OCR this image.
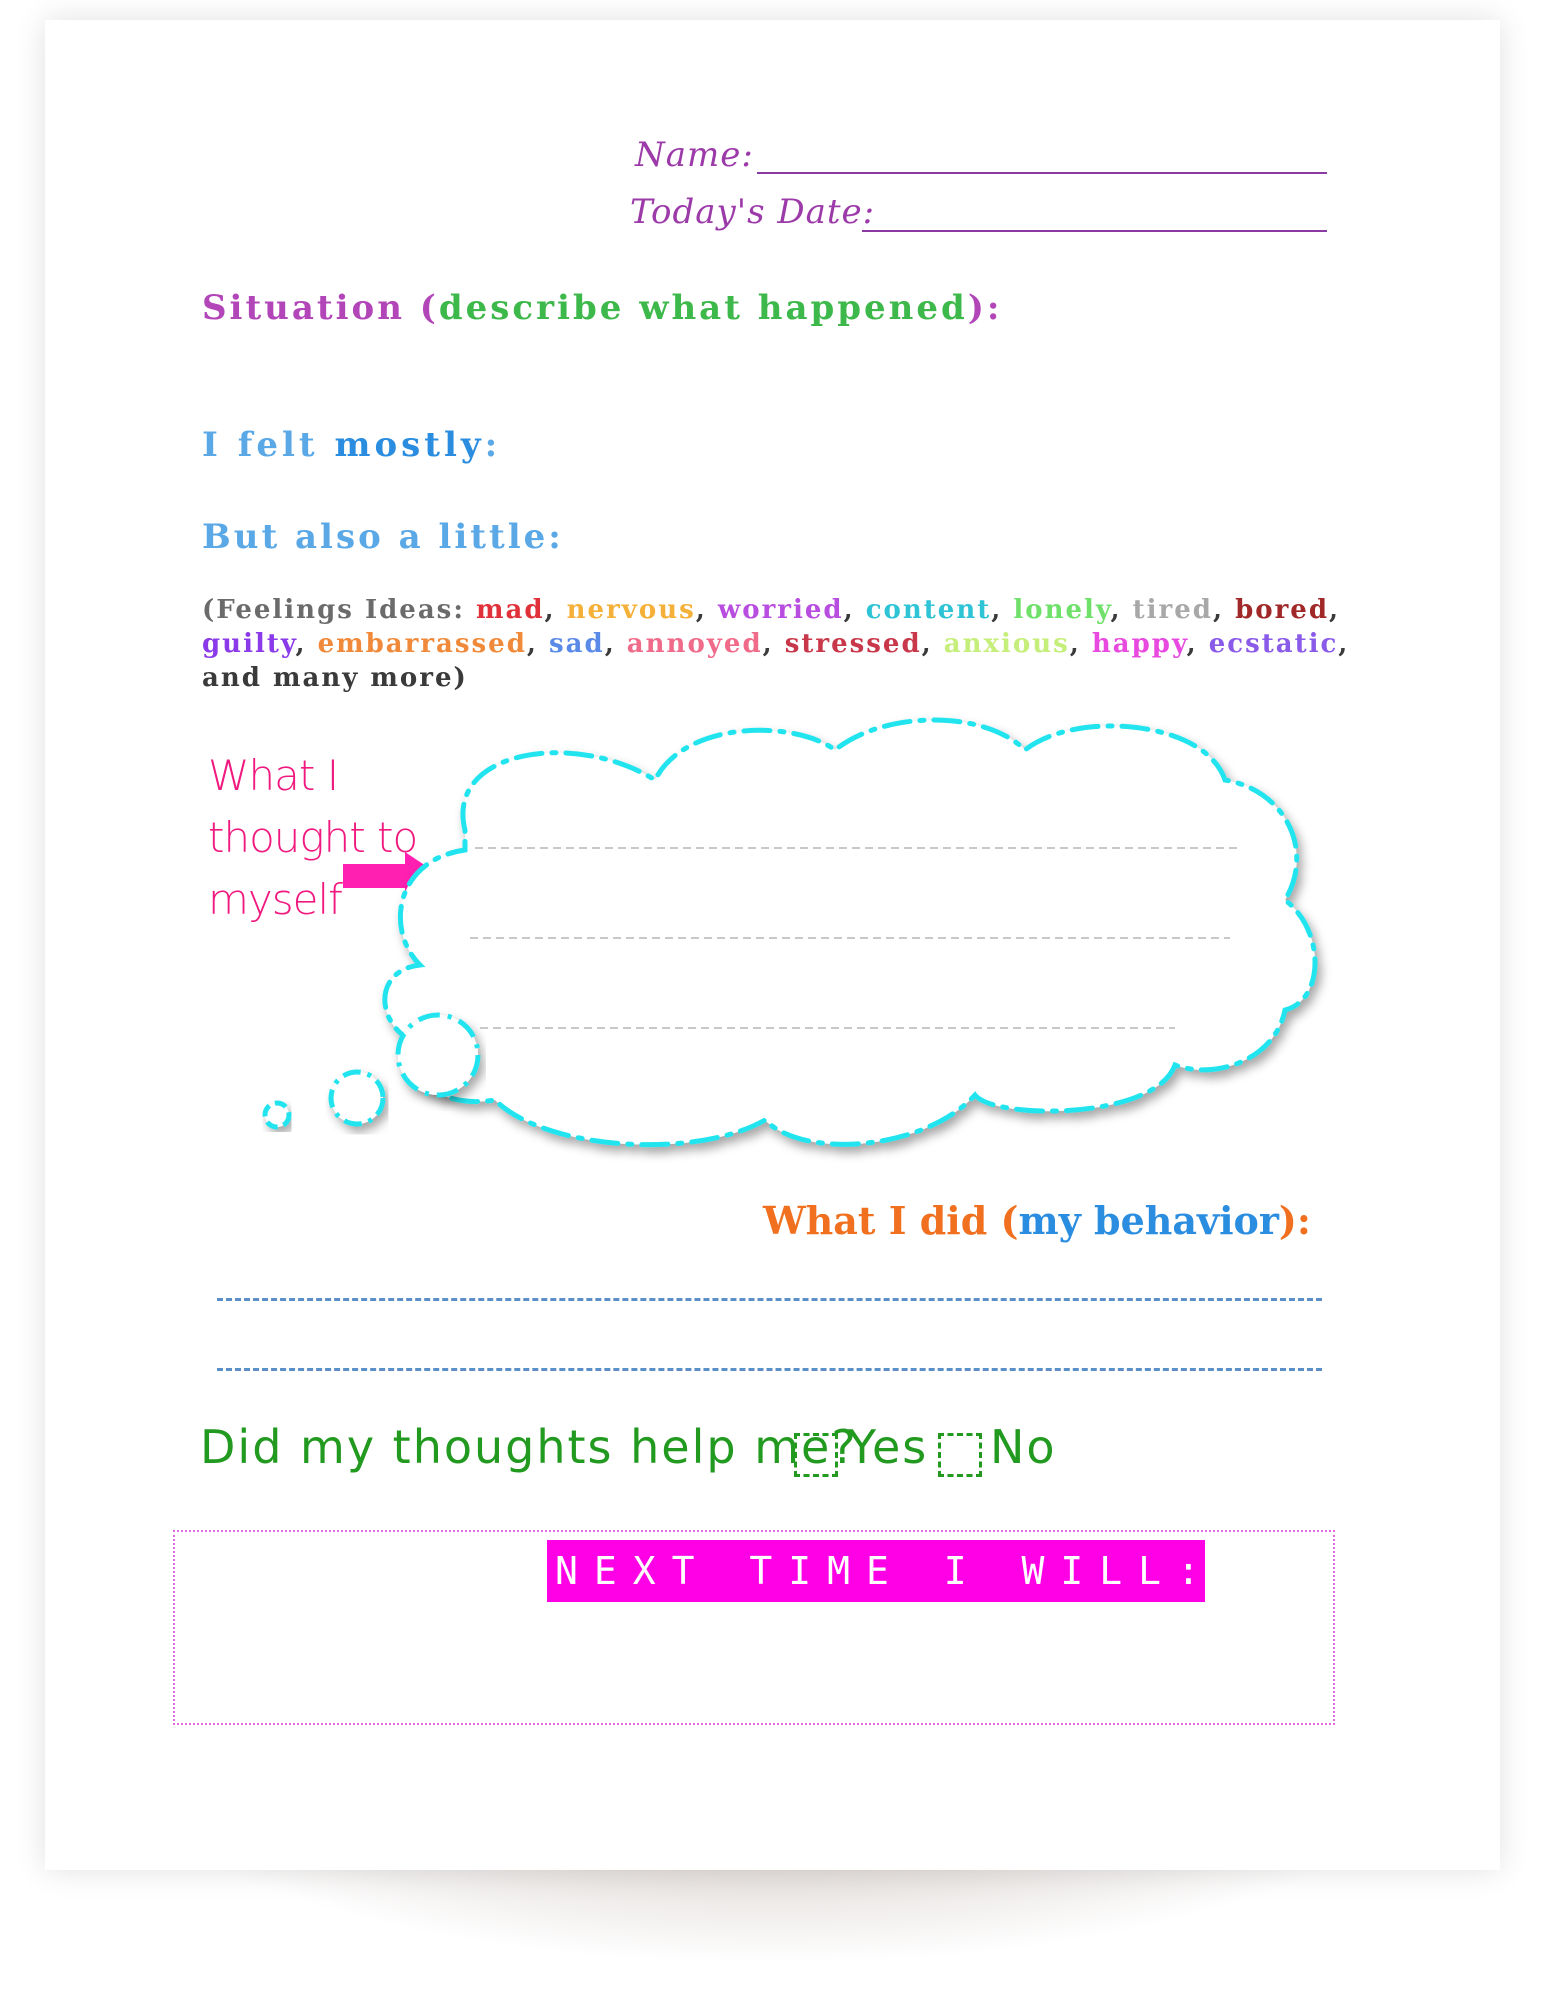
Name:
Today's Date:
Situation (describe what happened):
I felt mostly:
But also a little:
(Feelings Ideas: mad, nervous, worried, content, lonely, tired, bored, guilty, embarrassed, sad, annoyed, stressed, anxious, happy, ecstatic, and many more)
What I thought to myself
What I did (my behavior):
Did my thoughts help me?
Yes No
NEXT TIME I WILL:
